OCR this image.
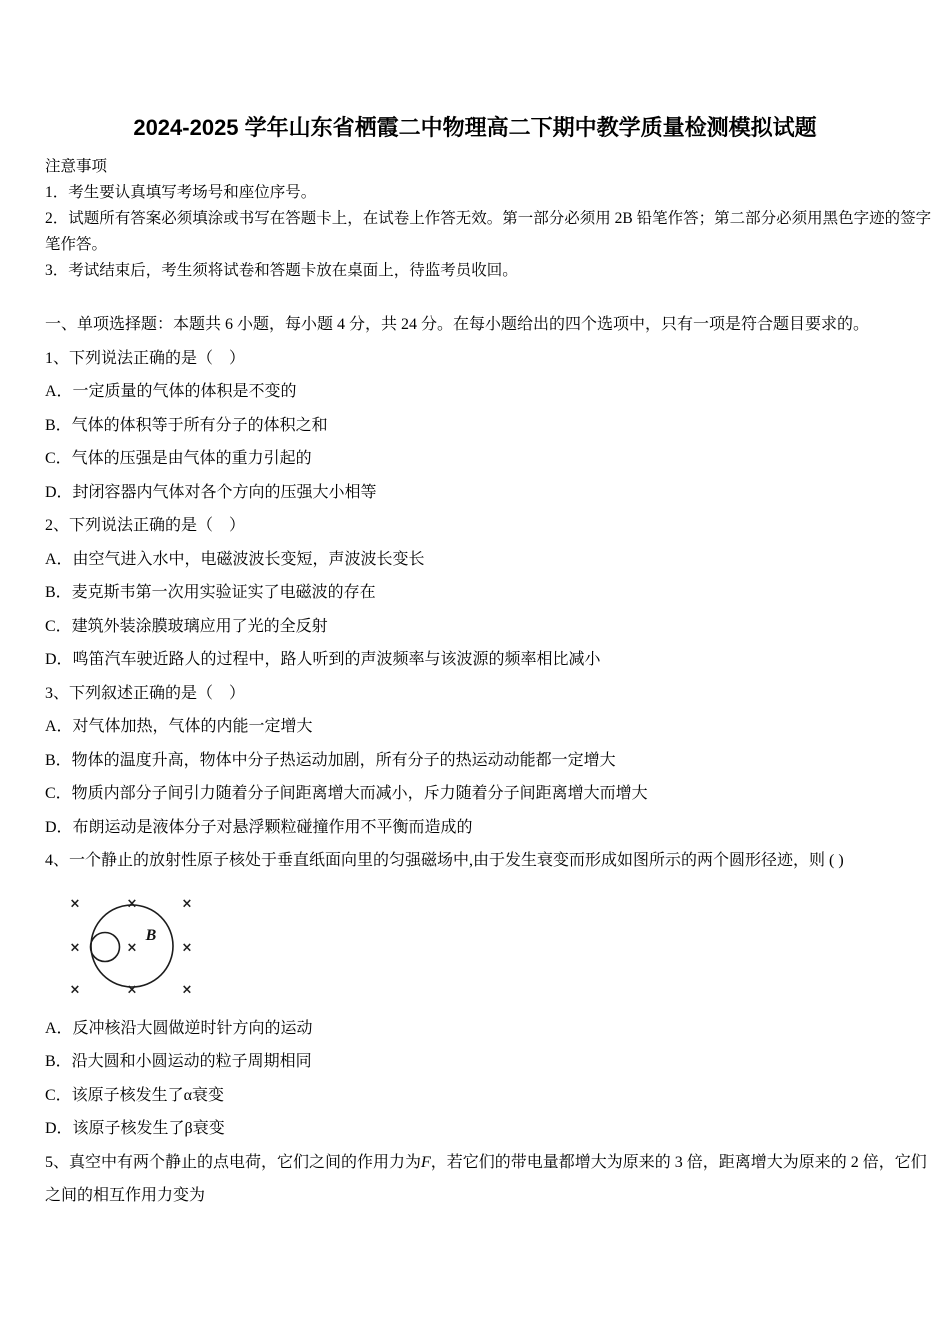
2024-2025 学年山东省栖霞二中物理高二下期中教学质量检测模拟试题

注意事项

1．考生要认真填写考场号和座位序号。

2．试题所有答案必须填涂或书写在答题卡上，在试卷上作答无效。第一部分必须用 2B 铅笔作答；第二部分必须用黑色字迹的签字笔作答。

3．考试结束后，考生须将试卷和答题卡放在桌面上，待监考员收回。

一、单项选择题：本题共 6 小题，每小题 4 分，共 24 分。在每小题给出的四个选项中，只有一项是符合题目要求的。

1、下列说法正确的是（　）

A．一定质量的气体的体积是不变的

B．气体的体积等于所有分子的体积之和

C．气体的压强是由气体的重力引起的

D．封闭容器内气体对各个方向的压强大小相等

2、下列说法正确的是（　）

A．由空气进入水中，电磁波波长变短，声波波长变长

B．麦克斯韦第一次用实验证实了电磁波的存在

C．建筑外装涂膜玻璃应用了光的全反射

D．鸣笛汽车驶近路人的过程中，路人听到的声波频率与该波源的频率相比减小

3、下列叙述正确的是（　）

A．对气体加热，气体的内能一定增大

B．物体的温度升高，物体中分子热运动加剧，所有分子的热运动动能都一定增大

C．物质内部分子间引力随着分子间距离增大而减小，斥力随着分子间距离增大而增大

D．布朗运动是液体分子对悬浮颗粒碰撞作用不平衡而造成的

4、一个静止的放射性原子核处于垂直纸面向里的匀强磁场中,由于发生衰变而形成如图所示的两个圆形径迹，则 ( )

×	×	×
×	×	×
×	×	×
B

A．反冲核沿大圆做逆时针方向的运动

B．沿大圆和小圆运动的粒子周期相同

C．该原子核发生了α衰变

D．该原子核发生了β衰变

5、真空中有两个静止的点电荷，它们之间的作用力为F，若它们的带电量都增大为原来的 3 倍，距离增大为原来的 2 倍，它们之间的相互作用力变为
